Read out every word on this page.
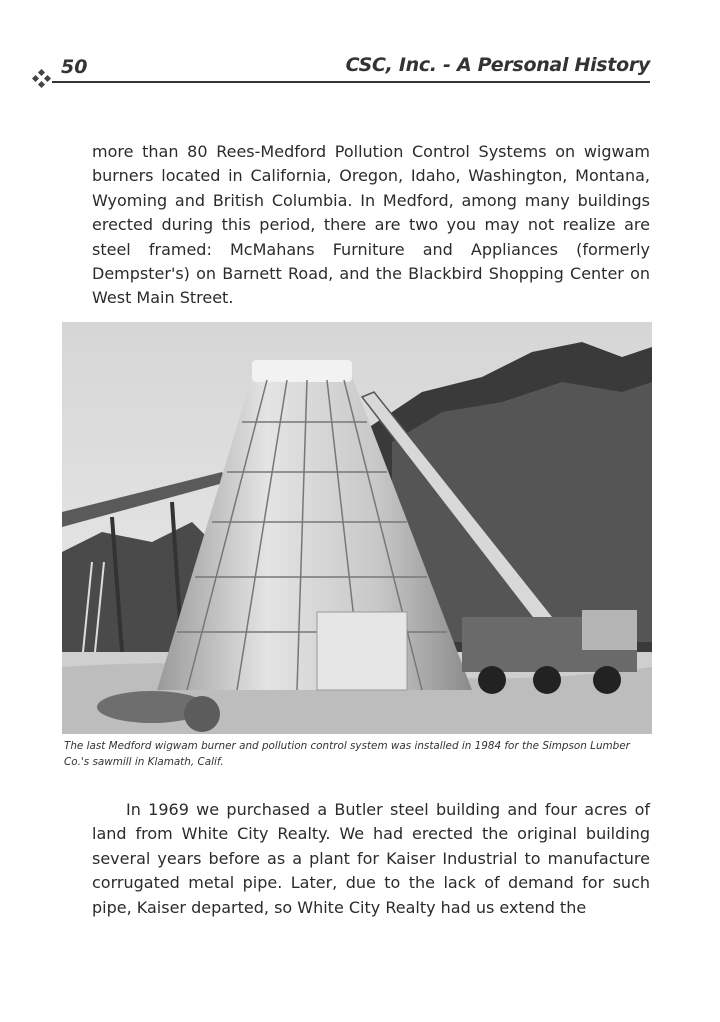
50	CSC, Inc. - A Personal History

more than 80 Rees-Medford Pollution Control Systems on wigwam burners located in California, Oregon, Idaho, Washington, Montana, Wyoming and British Columbia. In Medford, among many buildings erected during this period, there are two you may not realize are steel framed: McMahans Furniture and Appliances (formerly Dempster's) on Barnett Road, and the Blackbird Shopping Center on West Main Street.

The last Medford wigwam burner and pollution control system was installed in 1984 for the Simpson Lumber Co.'s sawmill in Klamath, Calif.

In 1969 we purchased a Butler steel building and four acres of land from White City Realty. We had erected the original building several years before as a plant for Kaiser Industrial to manufacture corrugated metal pipe. Later, due to the lack of demand for such pipe, Kaiser departed, so White City Realty had us extend the
